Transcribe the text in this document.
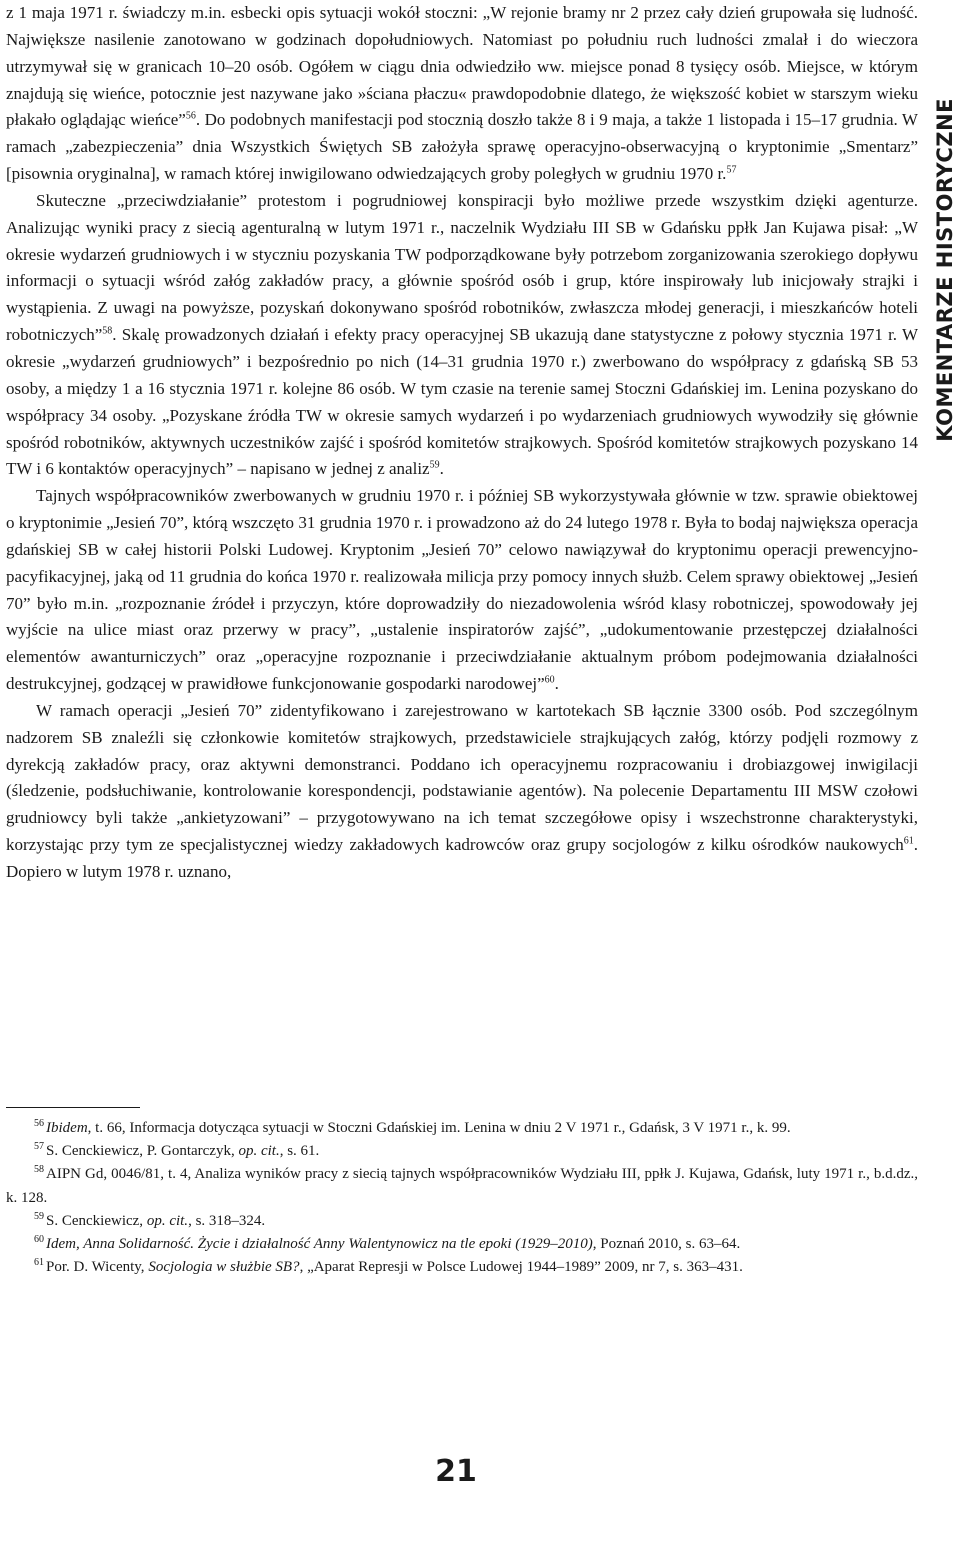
z 1 maja 1971 r. świadczy m.in. esbecki opis sytuacji wokół stoczni: „W rejonie bramy nr 2 przez cały dzień grupowała się ludność. Największe nasilenie zanotowano w godzinach dopołudniowych. Natomiast po południu ruch ludności zmalał i do wieczora utrzymywał się w granicach 10–20 osób. Ogółem w ciągu dnia odwiedziło ww. miejsce ponad 8 tysięcy osób. Miejsce, w którym znajdują się wieńce, potocznie jest nazywane jako »ściana płaczu« prawdopodobnie dlatego, że większość kobiet w starszym wieku płakało oglądając wieńce”$^{56}$. Do podobnych manifestacji pod stocznią doszło także 8 i 9 maja, a także 1 listopada i 15–17 grudnia. W ramach „zabezpieczenia” dnia Wszystkich Świętych SB założyła sprawę operacyjno-obserwacyjną o kryptonimie „Smentarz” [pisownia oryginalna], w ramach której inwigilowano odwiedzających groby poległych w grudniu 1970 r.$^{57}$

Skuteczne „przeciwdziałanie” protestom i pogrudniowej konspiracji było możliwe przede wszystkim dzięki agenturze. Analizując wyniki pracy z siecią agenturalną w lutym 1971 r., naczelnik Wydziału III SB w Gdańsku ppłk Jan Kujawa pisał: „W okresie wydarzeń grudniowych i w styczniu pozyskania TW podporządkowane były potrzebom zorganizowania szerokiego dopływu informacji o sytuacji wśród załóg zakładów pracy, a głównie spośród osób i grup, które inspirowały lub inicjowały strajki i wystąpienia. Z uwagi na powyższe, pozyskań dokonywano spośród robotników, zwłaszcza młodej generacji, i mieszkańców hoteli robotniczych”$^{58}$. Skalę prowadzonych działań i efekty pracy operacyjnej SB ukazują dane statystyczne z połowy stycznia 1971 r. W okresie „wydarzeń grudniowych” i bezpośrednio po nich (14–31 grudnia 1970 r.) zwerbowano do współpracy z gdańską SB 53 osoby, a między 1 a 16 stycznia 1971 r. kolejne 86 osób. W tym czasie na terenie samej Stoczni Gdańskiej im. Lenina pozyskano do współpracy 34 osoby. „Pozyskane źródła TW w okresie samych wydarzeń i po wydarzeniach grudniowych wywodziły się głównie spośród robotników, aktywnych uczestników zajść i spośród komitetów strajkowych. Spośród komitetów strajkowych pozyskano 14 TW i 6 kontaktów operacyjnych” – napisano w jednej z analiz$^{59}$.

Tajnych współpracowników zwerbowanych w grudniu 1970 r. i później SB wykorzystywała głównie w tzw. sprawie obiektowej o kryptonimie „Jesień 70”, którą wszczęto 31 grudnia 1970 r. i prowadzono aż do 24 lutego 1978 r. Była to bodaj największa operacja gdańskiej SB w całej historii Polski Ludowej. Kryptonim „Jesień 70” celowo nawiązywał do kryptonimu operacji prewencyjno-pacyfikacyjnej, jaką od 11 grudnia do końca 1970 r. realizowała milicja przy pomocy innych służb. Celem sprawy obiektowej „Jesień 70” było m.in. „rozpoznanie źródeł i przyczyn, które doprowadziły do niezadowolenia wśród klasy robotniczej, spowodowały jej wyjście na ulice miast oraz przerwy w pracy”, „ustalenie inspiratorów zajść”, „udokumentowanie przestępczej działalności elementów awanturniczych” oraz „operacyjne rozpoznanie i przeciwdziałanie aktualnym próbom podejmowania działalności destrukcyjnej, godzącej w prawidłowe funkcjonowanie gospodarki narodowej”$^{60}$.

W ramach operacji „Jesień 70” zidentyfikowano i zarejestrowano w kartotekach SB łącznie 3300 osób. Pod szczególnym nadzorem SB znaleźli się członkowie komitetów strajkowych, przedstawiciele strajkujących załóg, którzy podjęli rozmowy z dyrekcją zakładów pracy, oraz aktywni demonstranci. Poddano ich operacyjnemu rozpracowaniu i drobiazgowej inwigilacji (śledzenie, podsłuchiwanie, kontrolowanie korespondencji, podstawianie agentów). Na polecenie Departamentu III MSW czołowi grudniowcy byli także „ankietyzowani” – przygotowywano na ich temat szczegółowe opisy i wszechstronne charakterystyki, korzystając przy tym ze specjalistycznej wiedzy zakładowych kadrowców oraz grupy socjologów z kilku ośrodków naukowych$^{61}$. Dopiero w lutym 1978 r. uznano,

$^{56}$ Ibidem, t. 66, Informacja dotycząca sytuacji w Stoczni Gdańskiej im. Lenina w dniu 2 V 1971 r., Gdańsk, 3 V 1971 r., k. 99.

$^{57}$ S. Cenckiewicz, P. Gontarczyk, op. cit., s. 61.

$^{58}$ AIPN Gd, 0046/81, t. 4, Analiza wyników pracy z siecią tajnych współpracowników Wydziału III, ppłk J. Kujawa, Gdańsk, luty 1971 r., b.d.dz., k. 128.

$^{59}$ S. Cenckiewicz, op. cit., s. 318–324.

$^{60}$ Idem, Anna Solidarność. Życie i działalność Anny Walentynowicz na tle epoki (1929–2010), Poznań 2010, s. 63–64.

$^{61}$ Por. D. Wicenty, Socjologia w służbie SB?, „Aparat Represji w Polsce Ludowej 1944–1989” 2009, nr 7, s. 363–431.

KOMENTARZE HISTORYCZNE
21
